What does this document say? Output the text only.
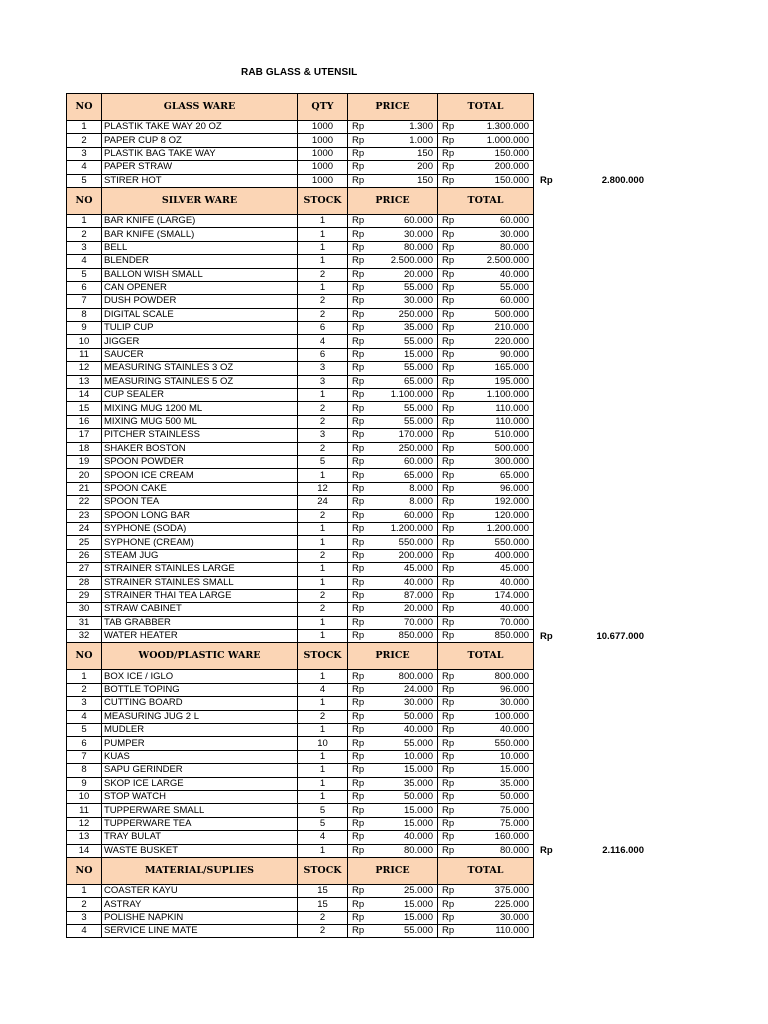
RAB GLASS & UTENSIL
NO	GLASS WARE	QTY	PRICE		TOTAL	
1	PLASTIK TAKE WAY 20 OZ	1000	Rp	1.300	Rp	1.300.000
2	PAPER CUP 8 OZ	1000	Rp	1.000	Rp	1.000.000
3	PLASTIK BAG TAKE WAY	1000	Rp	150	Rp	150.000
4	PAPER STRAW	1000	Rp	200	Rp	200.000
5	STIRER HOT	1000	Rp	150	Rp	150.000
NO	SILVER WARE	STOCK	PRICE		TOTAL	
1	BAR KNIFE (LARGE)	1	Rp	60.000	Rp	60.000
2	BAR KNIFE (SMALL)	1	Rp	30.000	Rp	30.000
3	BELL	1	Rp	80.000	Rp	80.000
4	BLENDER	1	Rp	2.500.000	Rp	2.500.000
5	BALLON WISH SMALL	2	Rp	20.000	Rp	40.000
6	CAN OPENER	1	Rp	55.000	Rp	55.000
7	DUSH POWDER	2	Rp	30.000	Rp	60.000
8	DIGITAL SCALE	2	Rp	250.000	Rp	500.000
9	TULIP CUP	6	Rp	35.000	Rp	210.000
10	JIGGER	4	Rp	55.000	Rp	220.000
11	SAUCER	6	Rp	15.000	Rp	90.000
12	MEASURING STAINLES 3 OZ	3	Rp	55.000	Rp	165.000
13	MEASURING STAINLES 5 OZ	3	Rp	65.000	Rp	195.000
14	CUP SEALER	1	Rp	1.100.000	Rp	1.100.000
15	MIXING MUG 1200 ML	2	Rp	55.000	Rp	110.000
16	MIXING MUG 500 ML	2	Rp	55.000	Rp	110.000
17	PITCHER STAINLESS	3	Rp	170.000	Rp	510.000
18	SHAKER BOSTON	2	Rp	250.000	Rp	500.000
19	SPOON POWDER	5	Rp	60.000	Rp	300.000
20	SPOON ICE CREAM	1	Rp	65.000	Rp	65.000
21	SPOON CAKE	12	Rp	8.000	Rp	96.000
22	SPOON TEA	24	Rp	8.000	Rp	192.000
23	SPOON LONG BAR	2	Rp	60.000	Rp	120.000
24	SYPHONE (SODA)	1	Rp	1.200.000	Rp	1.200.000
25	SYPHONE (CREAM)	1	Rp	550.000	Rp	550.000
26	STEAM JUG	2	Rp	200.000	Rp	400.000
27	STRAINER STAINLES LARGE	1	Rp	45.000	Rp	45.000
28	STRAINER STAINLES SMALL	1	Rp	40.000	Rp	40.000
29	STRAINER THAI TEA LARGE	2	Rp	87.000	Rp	174.000
30	STRAW CABINET	2	Rp	20.000	Rp	40.000
31	TAB GRABBER	1	Rp	70.000	Rp	70.000
32	WATER HEATER	1	Rp	850.000	Rp	850.000
NO	WOOD/PLASTIC WARE	STOCK	PRICE		TOTAL	
1	BOX ICE / IGLO	1	Rp	800.000	Rp	800.000
2	BOTTLE TOPING	4	Rp	24.000	Rp	96.000
3	CUTTING BOARD	1	Rp	30.000	Rp	30.000
4	MEASURING JUG 2 L	2	Rp	50.000	Rp	100.000
5	MUDLER	1	Rp	40.000	Rp	40.000
6	PUMPER	10	Rp	55.000	Rp	550.000
7	KUAS	1	Rp	10.000	Rp	10.000
8	SAPU GERINDER	1	Rp	15.000	Rp	15.000
9	SKOP ICE LARGE	1	Rp	35.000	Rp	35.000
10	STOP WATCH	1	Rp	50.000	Rp	50.000
11	TUPPERWARE SMALL	5	Rp	15.000	Rp	75.000
12	TUPPERWARE TEA	5	Rp	15.000	Rp	75.000
13	TRAY BULAT	4	Rp	40.000	Rp	160.000
14	WASTE BUSKET	1	Rp	80.000	Rp	80.000
NO	MATERIAL/SUPLIES	STOCK	PRICE		TOTAL	
1	COASTER KAYU	15	Rp	25.000	Rp	375.000
2	ASTRAY	15	Rp	15.000	Rp	225.000
3	POLISHE NAPKIN	2	Rp	15.000	Rp	30.000
4	SERVICE LINE MATE	2	Rp	55.000	Rp	110.000
Rp	2.800.000
Rp	10.677.000
Rp	2.116.000
